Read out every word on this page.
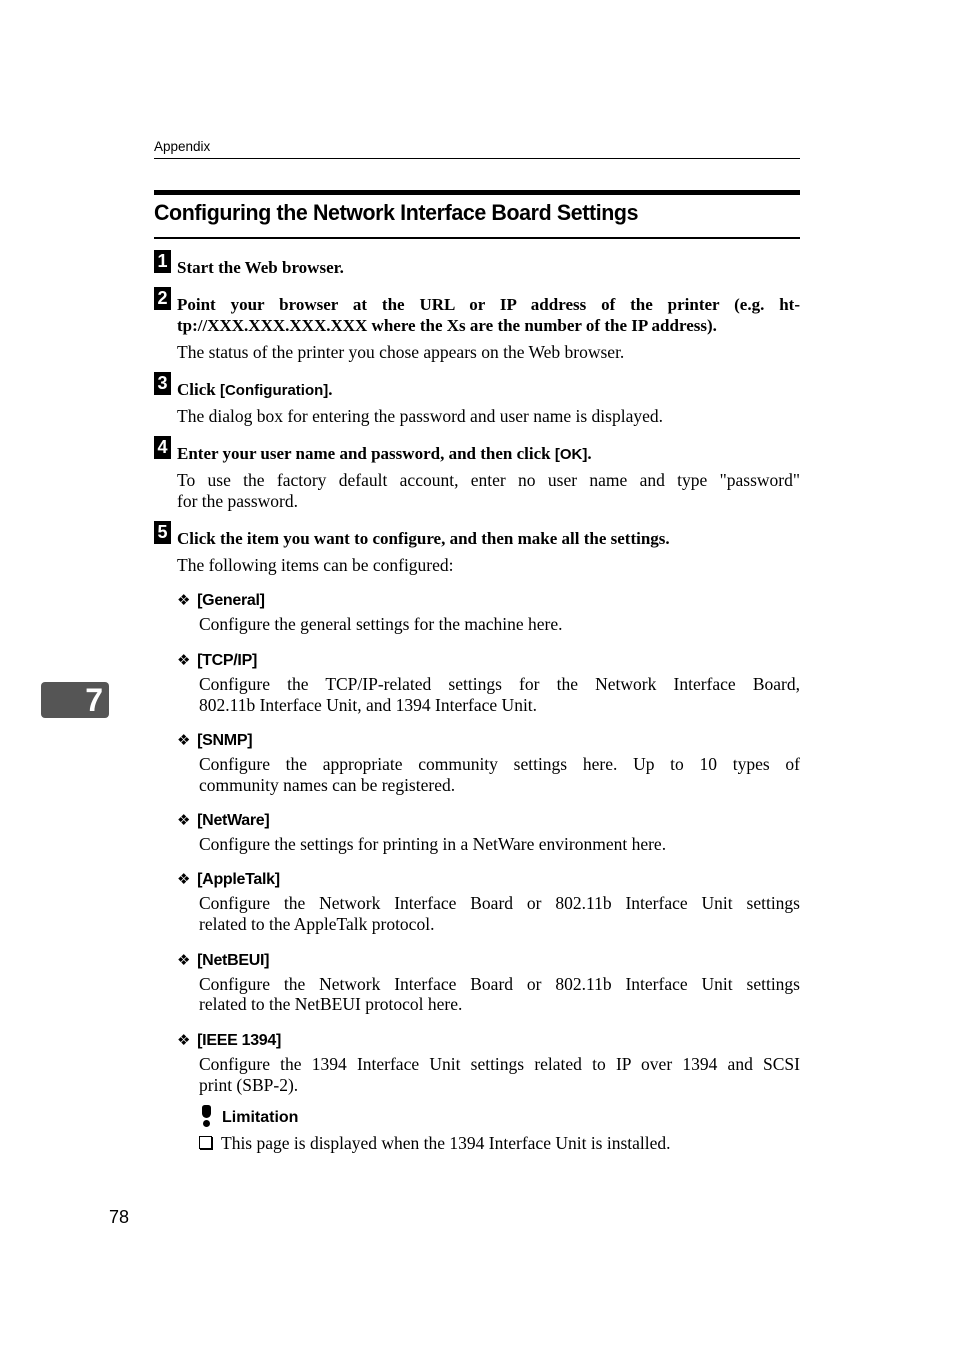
Appendix
Configuring the Network Interface Board Settings
1 Start the Web browser.
2 Point your browser at the URL or IP address of the printer (e.g. ht-
tp://XXX.XXX.XXX.XXX where the Xs are the number of the IP address).
The status of the printer you chose appears on the Web browser.
3 Click [Configuration].
The dialog box for entering the password and user name is displayed.
4 Enter your user name and password, and then click [OK].
To use the factory default account, enter no user name and type "password"
for the password.
5 Click the item you want to configure, and then make all the settings.
The following items can be configured:
❖ [General]
Configure the general settings for the machine here.
❖ [TCP/IP]
Configure the TCP/IP-related settings for the Network Interface Board,
802.11b Interface Unit, and 1394 Interface Unit.
❖ [SNMP]
Configure the appropriate community settings here. Up to 10 types of
community names can be registered.
❖ [NetWare]
Configure the settings for printing in a NetWare environment here.
❖ [AppleTalk]
Configure the Network Interface Board or 802.11b Interface Unit settings
related to the AppleTalk protocol.
❖ [NetBEUI]
Configure the Network Interface Board or 802.11b Interface Unit settings
related to the NetBEUI protocol here.
❖ [IEEE 1394]
Configure the 1394 Interface Unit settings related to IP over 1394 and SCSI
print (SBP-2).
Limitation
This page is displayed when the 1394 Interface Unit is installed.
7
78
